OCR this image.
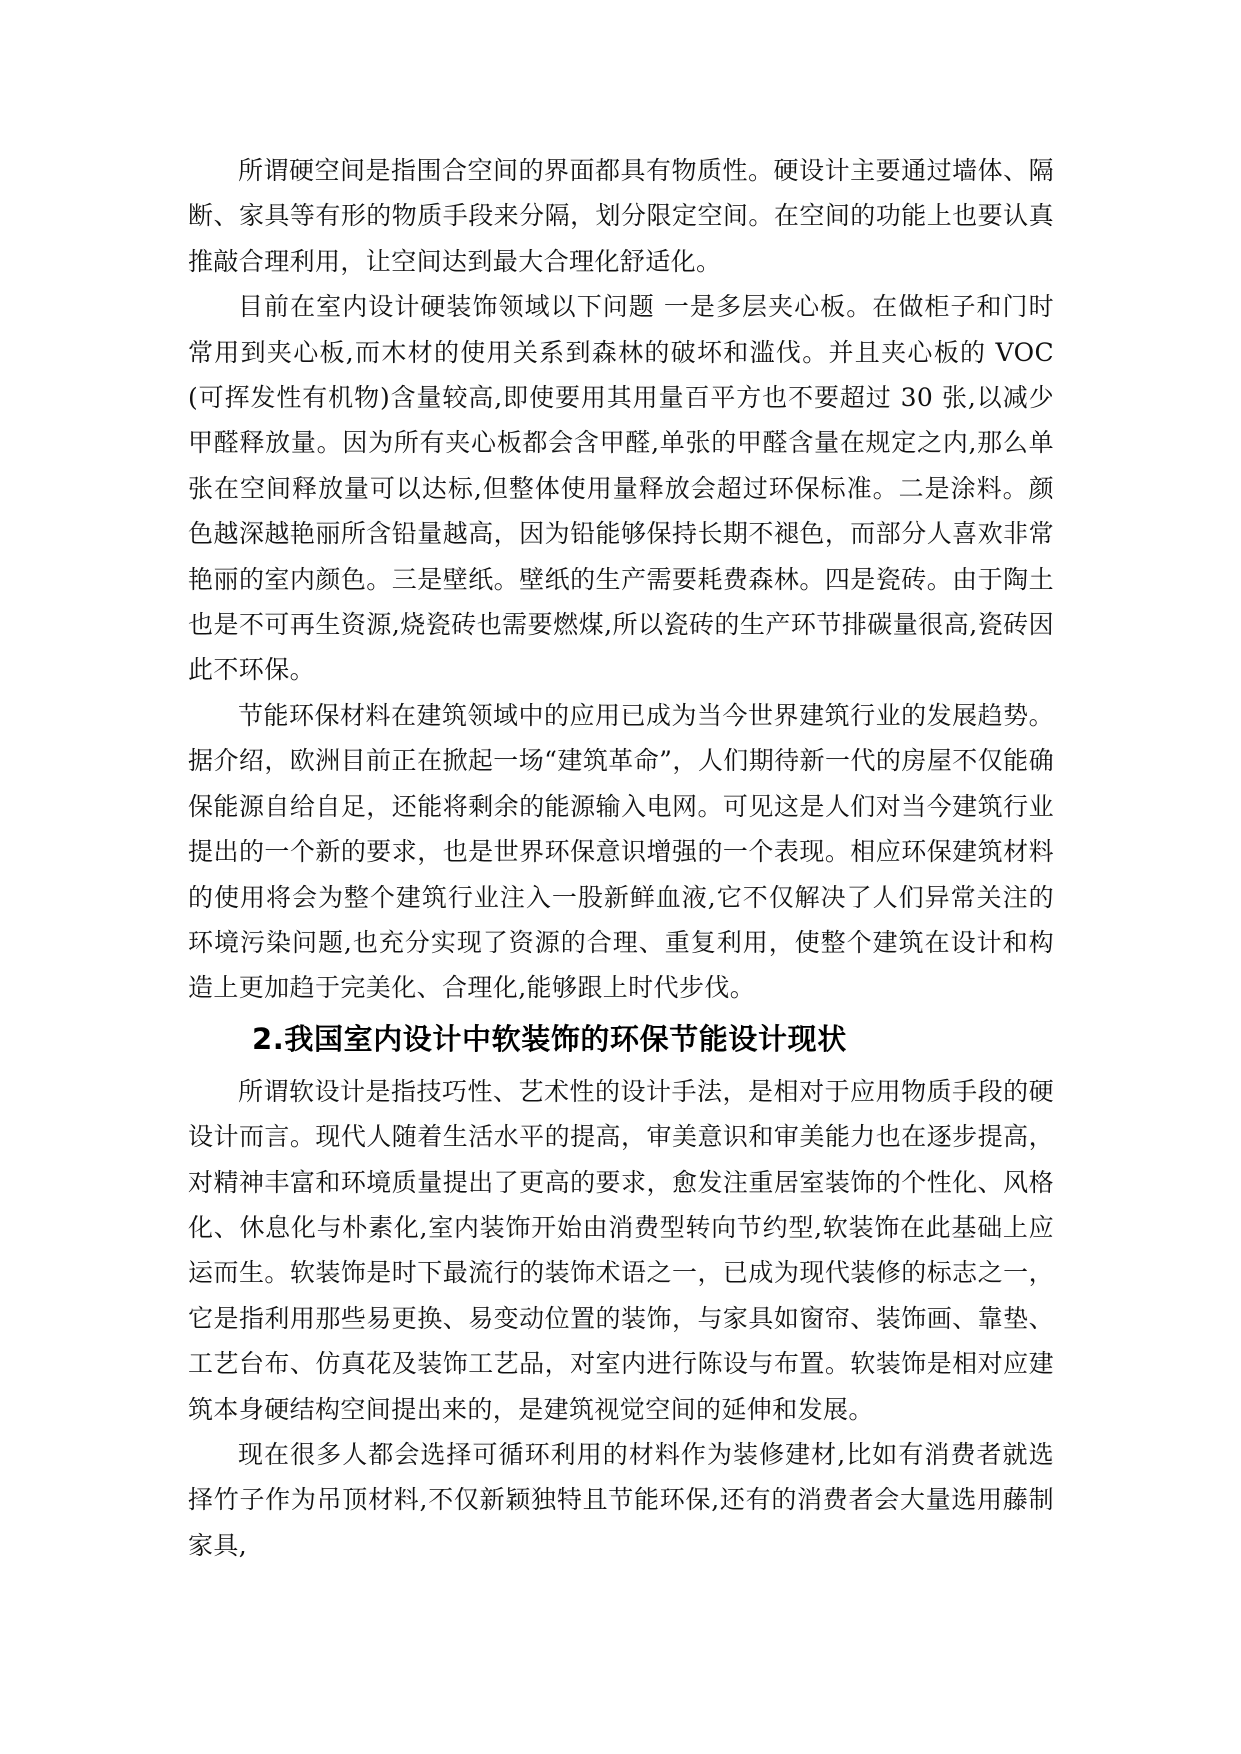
所谓硬空间是指围合空间的界面都具有物质性。硬设计主要通过墙体、隔断、家具等有形的物质手段来分隔，划分限定空间。在空间的功能上也要认真推敲合理利用，让空间达到最大合理化舒适化。

目前在室内设计硬装饰领域以下问题 一是多层夹心板。在做柜子和门时常用到夹心板,而木材的使用关系到森林的破坏和滥伐。并且夹心板的 VOC(可挥发性有机物)含量较高,即使要用其用量百平方也不要超过 30 张,以减少甲醛释放量。因为所有夹心板都会含甲醛,单张的甲醛含量在规定之内,那么单张在空间释放量可以达标,但整体使用量释放会超过环保标准。二是涂料。颜色越深越艳丽所含铅量越高，因为铅能够保持长期不褪色，而部分人喜欢非常艳丽的室内颜色。三是壁纸。壁纸的生产需要耗费森林。四是瓷砖。由于陶土也是不可再生资源,烧瓷砖也需要燃煤,所以瓷砖的生产环节排碳量很高,瓷砖因此不环保。

节能环保材料在建筑领域中的应用已成为当今世界建筑行业的发展趋势。据介绍，欧洲目前正在掀起一场“建筑革命”，人们期待新一代的房屋不仅能确保能源自给自足，还能将剩余的能源输入电网。可见这是人们对当今建筑行业提出的一个新的要求，也是世界环保意识增强的一个表现。相应环保建筑材料的使用将会为整个建筑行业注入一股新鲜血液,它不仅解决了人们异常关注的环境污染问题,也充分实现了资源的合理、重复利用，使整个建筑在设计和构造上更加趋于完美化、合理化,能够跟上时代步伐。

2.我国室内设计中软装饰的环保节能设计现状

所谓软设计是指技巧性、艺术性的设计手法，是相对于应用物质手段的硬设计而言。现代人随着生活水平的提高，审美意识和审美能力也在逐步提高，对精神丰富和环境质量提出了更高的要求，愈发注重居室装饰的个性化、风格化、休息化与朴素化,室内装饰开始由消费型转向节约型,软装饰在此基础上应运而生。软装饰是时下最流行的装饰术语之一，已成为现代装修的标志之一，它是指利用那些易更换、易变动位置的装饰，与家具如窗帘、装饰画、靠垫、工艺台布、仿真花及装饰工艺品，对室内进行陈设与布置。软装饰是相对应建筑本身硬结构空间提出来的，是建筑视觉空间的延伸和发展。

现在很多人都会选择可循环利用的材料作为装修建材,比如有消费者就选择竹子作为吊顶材料,不仅新颖独特且节能环保,还有的消费者会大量选用藤制家具,
